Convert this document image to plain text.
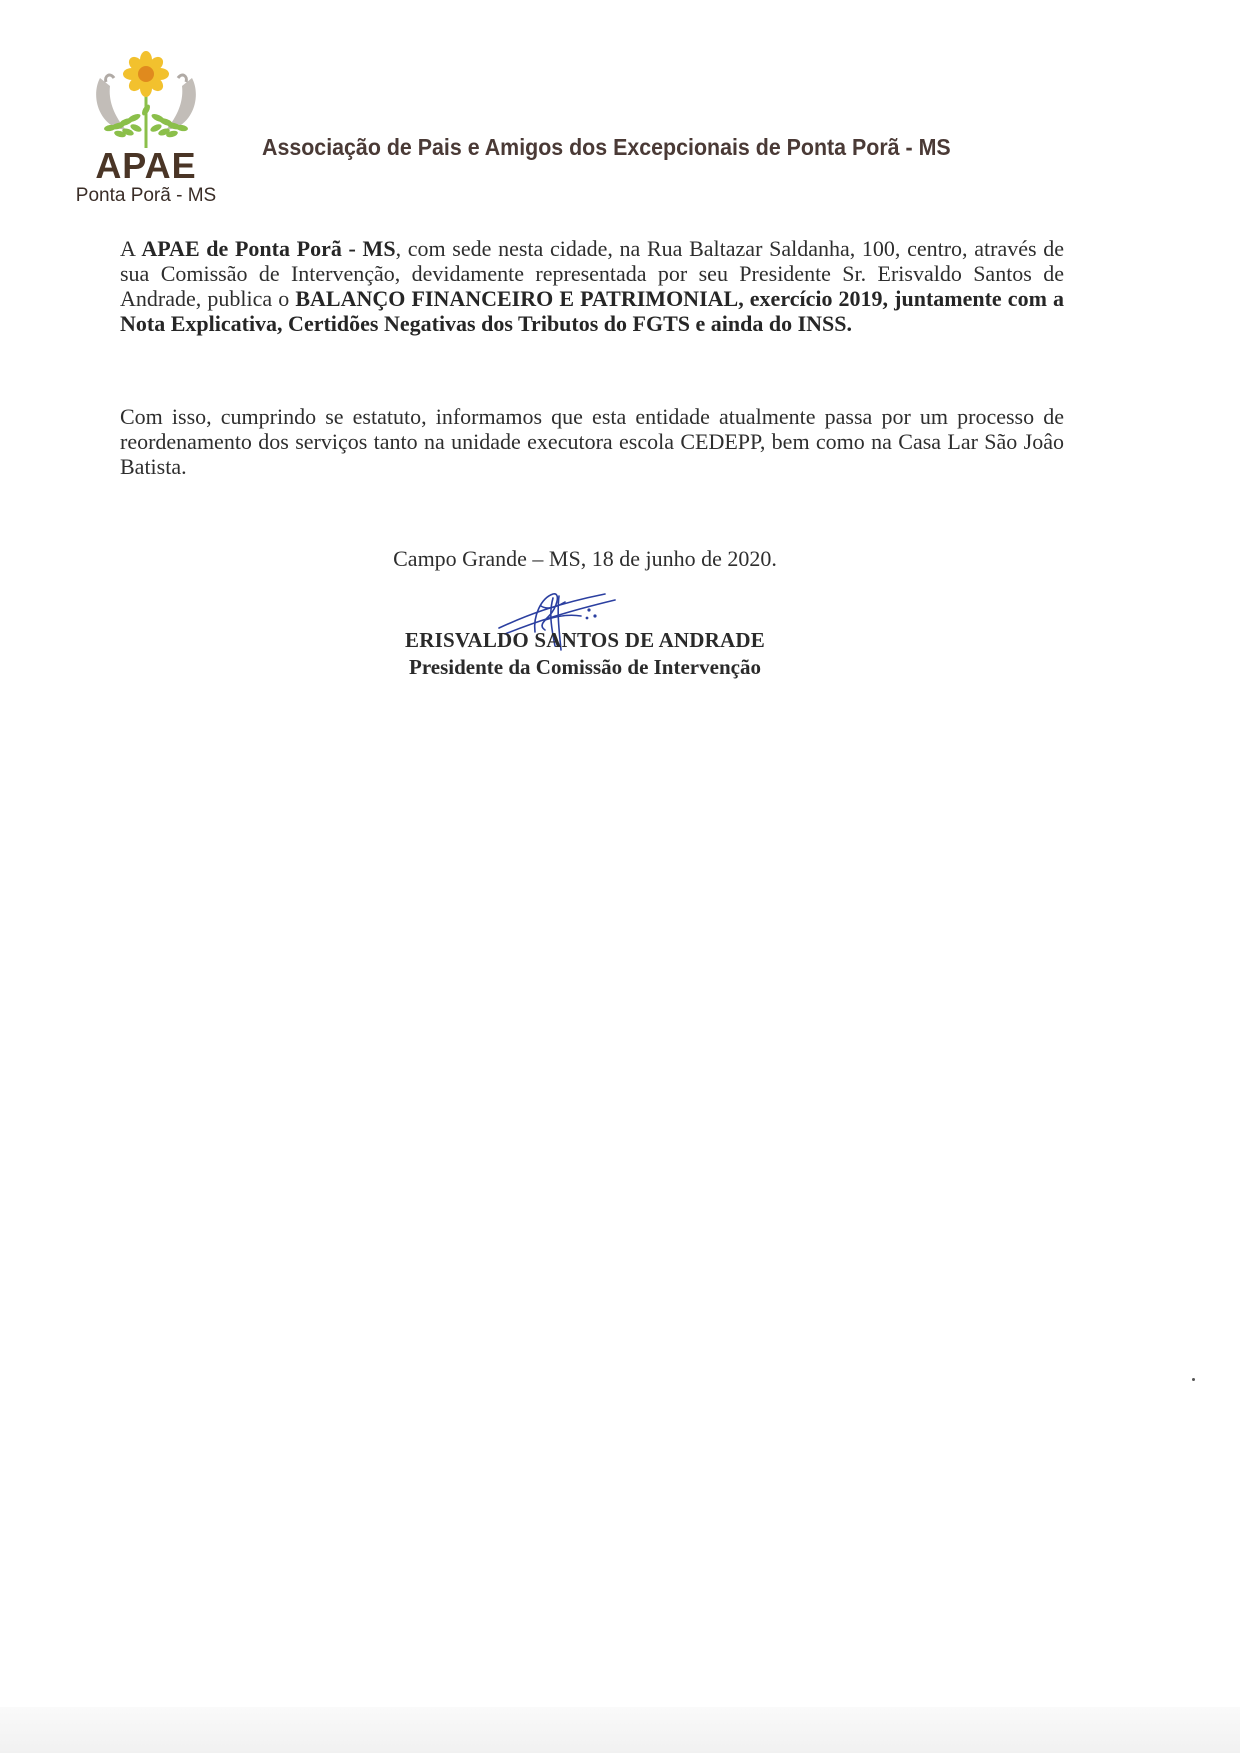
APAE
Ponta Porã - MS
Associação de Pais e Amigos dos Excepcionais de Ponta Porã - MS
A APAE de Ponta Porã - MS, com sede nesta cidade, na Rua Baltazar Saldanha, 100, centro, através de sua Comissão de Intervenção, devidamente representada por seu Presidente Sr. Erisvaldo Santos de Andrade, publica o BALANÇO FINANCEIRO E PATRIMONIAL, exercício 2019, juntamente com a Nota Explicativa, Certidões Negativas dos Tributos do FGTS e ainda do INSS.
Com isso, cumprindo se estatuto, informamos que esta entidade atualmente passa por um processo de reordenamento dos serviços tanto na unidade executora escola CEDEPP, bem como na Casa Lar São Joâo Batista.
Campo Grande – MS, 18 de junho de 2020.
ERISVALDO SANTOS DE ANDRADE
Presidente da Comissão de Intervenção
